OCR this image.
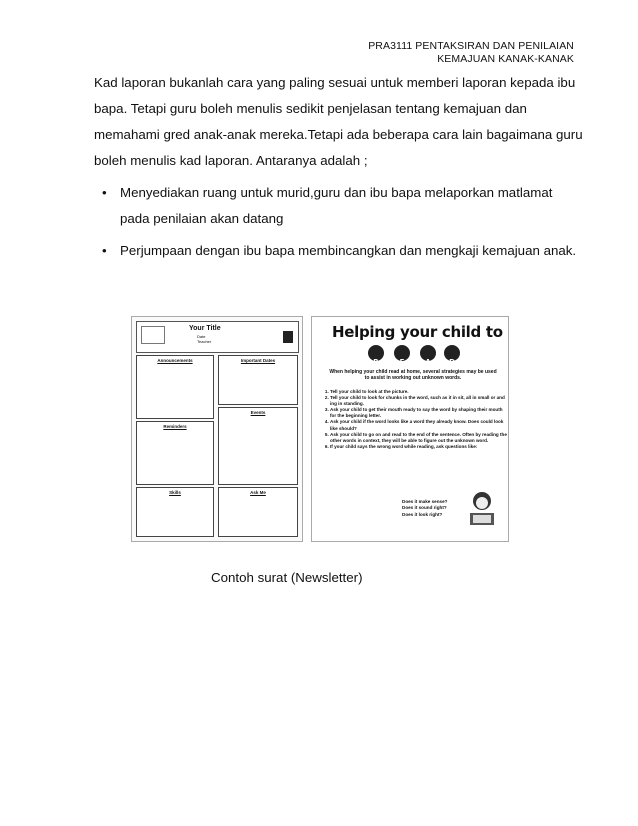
PRA3111 PENTAKSIRAN DAN PENILAIAN
KEMAJUAN KANAK-KANAK

Kad laporan bukanlah cara yang paling sesuai untuk memberi laporan kepada ibu bapa. Tetapi guru boleh menulis sedikit penjelasan tentang kemajuan dan memahami gred anak-anak mereka.Tetapi ada beberapa cara lain bagaimana guru boleh menulis kad laporan. Antaranya adalah ;

• Menyediakan ruang untuk murid,guru dan ibu bapa melaporkan matlamat pada penilaian akan datang
• Perjumpaan dengan ibu bapa membincangkan dan mengkaji kemajuan anak.
Your Title
Date
Teacher
Announcements	Important Dates
Reminders
Events
Skills	Ask Me
Helping your child to
R	E	A	D
When helping your child read at home, several strategies may be used to assist in working out unknown words.
1. Tell your child to look at the picture.
2. Tell your child to look for chunks in the word, such as it in sit, all in small or and ing in standing.
3. Ask your child to get their mouth ready to say the word by shaping their mouth for the beginning letter.
4. Ask your child if the word looks like a word they already know. Does could look like should?
5. Ask your child to go on and read to the end of the sentence. Often by reading the other words in context, they will be able to figure out the unknown word.
6. If your child says the wrong word while reading, ask questions like:
Does it make sense?
Does it sound right?
Does it look right?
Contoh surat (Newsletter)
